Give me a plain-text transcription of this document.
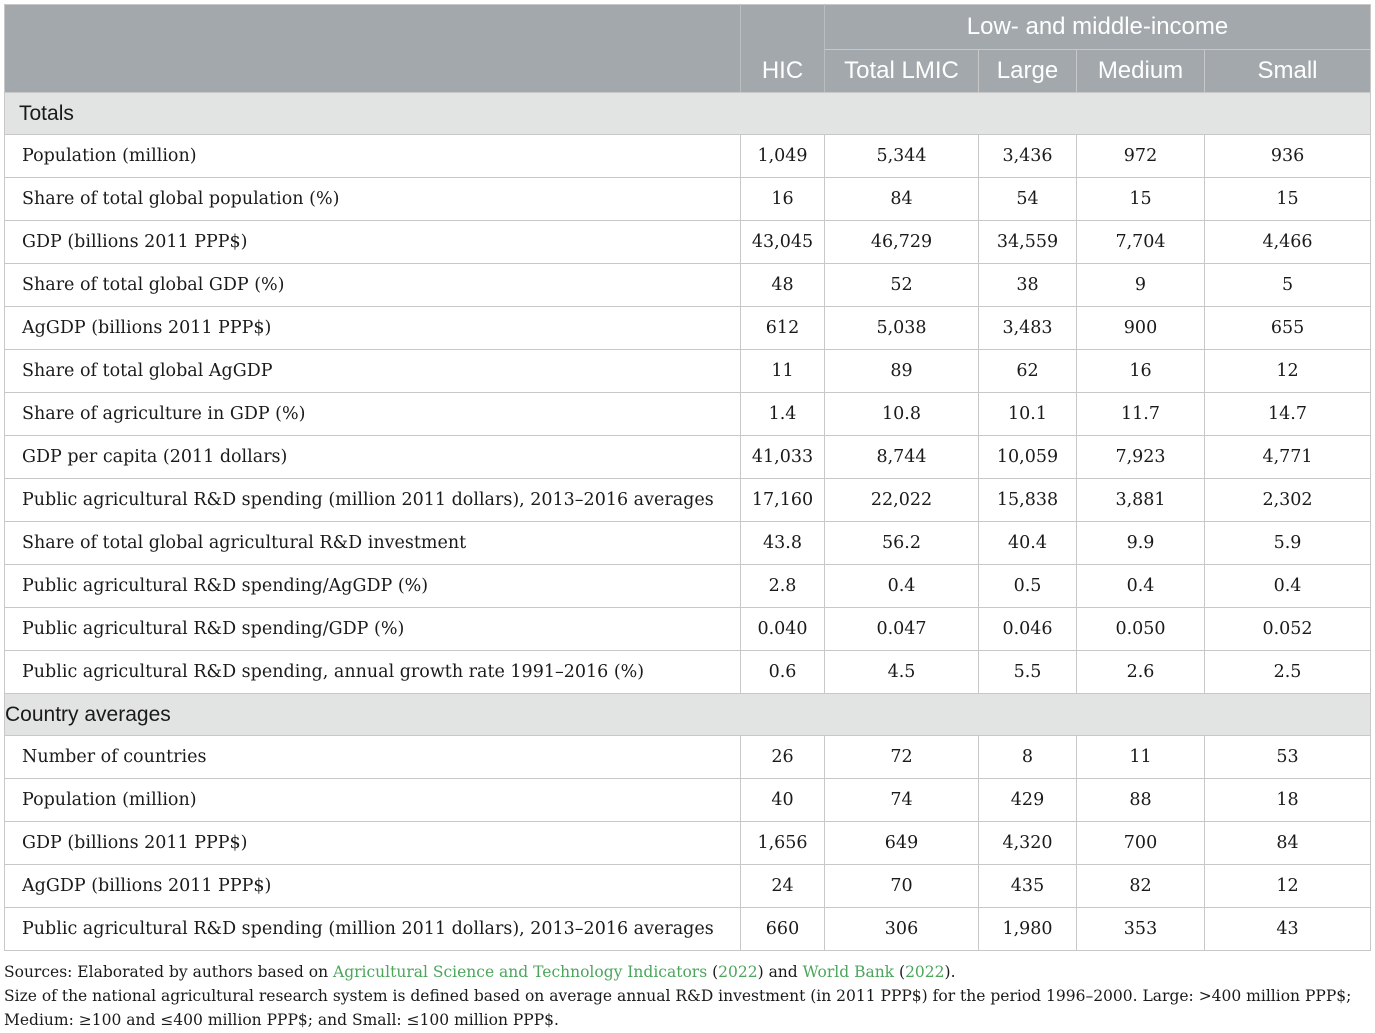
	HIC	Low- and middle-income			
		Total LMIC	Large	Medium	Small
Totals					
Population (million)	1,049	5,344	3,436	972	936
Share of total global population (%)	16	84	54	15	15
GDP (billions 2011 PPP$)	43,045	46,729	34,559	7,704	4,466
Share of total global GDP (%)	48	52	38	9	5
AgGDP (billions 2011 PPP$)	612	5,038	3,483	900	655
Share of total global AgGDP	11	89	62	16	12
Share of agriculture in GDP (%)	1.4	10.8	10.1	11.7	14.7
GDP per capita (2011 dollars)	41,033	8,744	10,059	7,923	4,771
Public agricultural R&D spending (million 2011 dollars), 2013–2016 averages	17,160	22,022	15,838	3,881	2,302
Share of total global agricultural R&D investment	43.8	56.2	40.4	9.9	5.9
Public agricultural R&D spending/AgGDP (%)	2.8	0.4	0.5	0.4	0.4
Public agricultural R&D spending/GDP (%)	0.040	0.047	0.046	0.050	0.052
Public agricultural R&D spending, annual growth rate 1991–2016 (%)	0.6	4.5	5.5	2.6	2.5
Country averages					
Number of countries	26	72	8	11	53
Population (million)	40	74	429	88	18
GDP (billions 2011 PPP$)	1,656	649	4,320	700	84
AgGDP (billions 2011 PPP$)	24	70	435	82	12
Public agricultural R&D spending (million 2011 dollars), 2013–2016 averages	660	306	1,980	353	43
Sources: Elaborated by authors based on Agricultural Science and Technology Indicators (2022) and World Bank (2022).
Size of the national agricultural research system is defined based on average annual R&D investment (in 2011 PPP$) for the period 1996–2000. Large: >400 million PPP$; Medium: ≥100 and ≤400 million PPP$; and Small: ≤100 million PPP$.
